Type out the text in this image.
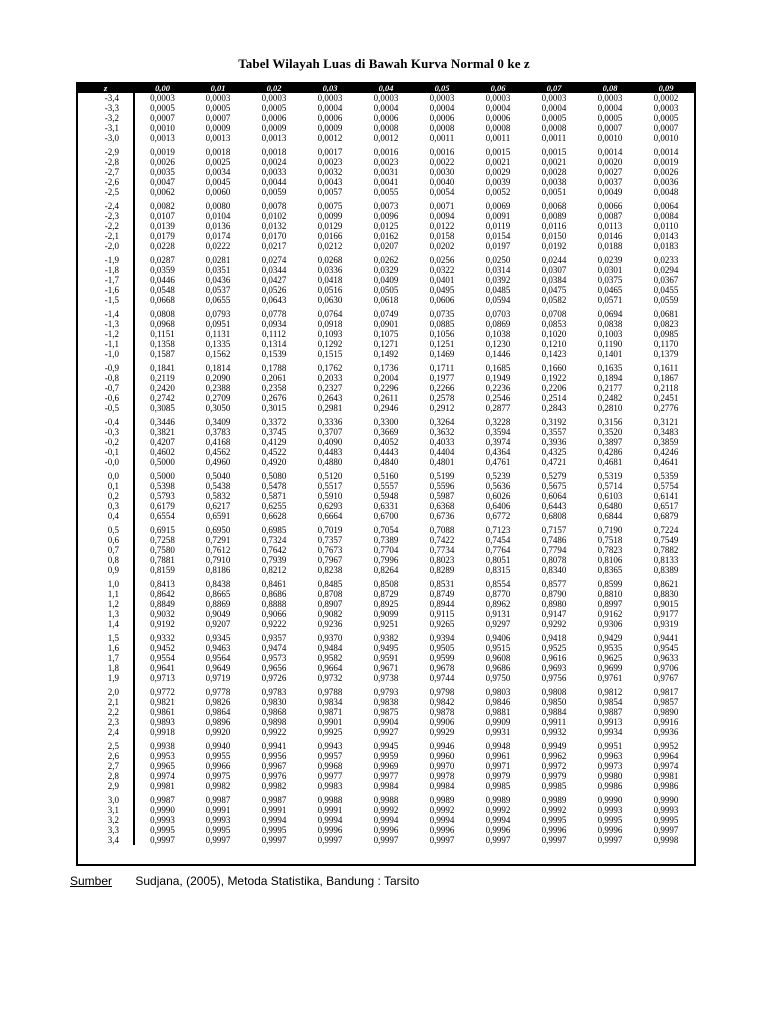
Tabel Wilayah Luas di Bawah Kurva Normal 0 ke z
z	0,00	0,01	0,02	0,03	0,04	0,05	0,06	0,07	0,08	0,09
-3,4	0,0003	0,0003	0,0003	0,0003	0,0003	0,0003	0,0003	0,0003	0,0003	0,0002
-3,3	0,0005	0,0005	0,0005	0,0004	0,0004	0,0004	0,0004	0,0004	0,0004	0,0003
-3,2	0,0007	0,0007	0,0006	0,0006	0,0006	0,0006	0,0006	0,0005	0,0005	0,0005
-3,1	0,0010	0,0009	0,0009	0,0009	0,0008	0,0008	0,0008	0,0008	0,0007	0,0007
-3,0	0,0013	0,0013	0,0013	0,0012	0,0012	0,0011	0,0011	0,0011	0,0010	0,0010

-2,9	0,0019	0,0018	0,0018	0,0017	0,0016	0,0016	0,0015	0,0015	0,0014	0,0014
-2,8	0,0026	0,0025	0,0024	0,0023	0,0023	0,0022	0,0021	0,0021	0,0020	0,0019
-2,7	0,0035	0,0034	0,0033	0,0032	0,0031	0,0030	0,0029	0,0028	0,0027	0,0026
-2,6	0,0047	0,0045	0,0044	0,0043	0,0041	0,0040	0,0039	0,0038	0,0037	0,0036
-2,5	0,0062	0,0060	0,0059	0,0057	0,0055	0,0054	0,0052	0,0051	0,0049	0,0048

-2,4	0,0082	0,0080	0,0078	0,0075	0,0073	0,0071	0,0069	0,0068	0,0066	0,0064
-2,3	0,0107	0,0104	0,0102	0,0099	0,0096	0,0094	0,0091	0,0089	0,0087	0,0084
-2,2	0,0139	0,0136	0,0132	0,0129	0,0125	0,0122	0,0119	0,0116	0,0113	0,0110
-2,1	0,0179	0,0174	0,0170	0,0166	0,0162	0,0158	0,0154	0,0150	0,0146	0,0143
-2,0	0,0228	0,0222	0,0217	0,0212	0,0207	0,0202	0,0197	0,0192	0,0188	0,0183

-1,9	0,0287	0,0281	0,0274	0,0268	0,0262	0,0256	0,0250	0,0244	0,0239	0,0233
-1,8	0,0359	0,0351	0,0344	0,0336	0,0329	0,0322	0,0314	0,0307	0,0301	0,0294
-1,7	0,0446	0,0436	0,0427	0,0418	0,0409	0,0401	0,0392	0,0384	0,0375	0,0367
-1,6	0,0548	0,0537	0,0526	0,0516	0,0505	0,0495	0,0485	0,0475	0,0465	0,0455
-1,5	0,0668	0,0655	0,0643	0,0630	0,0618	0,0606	0,0594	0,0582	0,0571	0,0559

-1,4	0,0808	0,0793	0,0778	0,0764	0,0749	0,0735	0,0703	0,0708	0,0694	0,0681
-1,3	0,0968	0,0951	0,0934	0,0918	0,0901	0,0885	0,0869	0,0853	0,0838	0,0823
-1,2	0,1151	0,1131	0,1112	0,1093	0,1075	0,1056	0,1038	0,1020	0,1003	0,0985
-1,1	0,1358	0,1335	0,1314	0,1292	0,1271	0,1251	0,1230	0,1210	0,1190	0,1170
-1,0	0,1587	0,1562	0,1539	0,1515	0,1492	0,1469	0,1446	0,1423	0,1401	0,1379

-0,9	0,1841	0,1814	0,1788	0,1762	0,1736	0,1711	0,1685	0,1660	0,1635	0,1611
-0,8	0,2119	0,2090	0,2061	0,2033	0,2004	0,1977	0,1949	0,1922	0,1894	0,1867
-0,7	0,2420	0,2388	0,2358	0,2327	0,2296	0,2266	0,2236	0,2206	0,2177	0,2118
-0,6	0,2742	0,2709	0,2676	0,2643	0,2611	0,2578	0,2546	0,2514	0,2482	0,2451
-0,5	0,3085	0,3050	0,3015	0,2981	0,2946	0,2912	0,2877	0,2843	0,2810	0,2776

-0,4	0,3446	0,3409	0,3372	0,3336	0,3300	0,3264	0,3228	0,3192	0,3156	0,3121
-0,3	0,3821	0,3783	0,3745	0,3707	0,3669	0,3632	0,3594	0,3557	0,3520	0,3483
-0,2	0,4207	0,4168	0,4129	0,4090	0,4052	0,4033	0,3974	0,3936	0,3897	0,3859
-0,1	0,4602	0,4562	0,4522	0,4483	0,4443	0,4404	0,4364	0,4325	0,4286	0,4246
-0,0	0,5000	0,4960	0,4920	0,4880	0,4840	0,4801	0,4761	0,4721	0,4681	0,4641

0,0	0,5000	0,5040	0,5080	0,5120	0,5160	0,5199	0,5239	0,5279	0,5319	0,5359
0,1	0,5398	0,5438	0,5478	0,5517	0,5557	0,5596	0,5636	0,5675	0,5714	0,5754
0,2	0,5793	0,5832	0,5871	0,5910	0,5948	0,5987	0,6026	0,6064	0,6103	0,6141
0,3	0,6179	0,6217	0,6255	0,6293	0,6331	0,6368	0,6406	0,6443	0,6480	0,6517
0,4	0,6554	0,6591	0,6628	0,6664	0,6700	0,6736	0,6772	0,6808	0,6844	0,6879

0,5	0,6915	0,6950	0,6985	0,7019	0,7054	0,7088	0,7123	0,7157	0,7190	0,7224
0,6	0,7258	0,7291	0,7324	0,7357	0,7389	0,7422	0,7454	0,7486	0,7518	0,7549
0,7	0,7580	0,7612	0,7642	0,7673	0,7704	0,7734	0,7764	0,7794	0,7823	0,7882
0,8	0,7881	0,7910	0,7939	0,7967	0,7996	0,8023	0,8051	0,8078	0,8106	0,8133
0,9	0,8159	0,8186	0,8212	0,8238	0,8264	0,8289	0,8315	0,8340	0,8365	0,8389

1,0	0,8413	0,8438	0,8461	0,8485	0,8508	0,8531	0,8554	0,8577	0,8599	0,8621
1,1	0,8642	0,8665	0,8686	0,8708	0,8729	0,8749	0,8770	0,8790	0,8810	0,8830
1,2	0,8849	0,8869	0,8888	0,8907	0,8925	0,8944	0,8962	0,8980	0,8997	0,9015
1,3	0,9032	0,9049	0,9066	0,9082	0,9099	0,9115	0,9131	0,9147	0,9162	0,9177
1,4	0,9192	0,9207	0,9222	0,9236	0,9251	0,9265	0,9297	0,9292	0,9306	0,9319

1,5	0,9332	0,9345	0,9357	0,9370	0,9382	0,9394	0,9406	0,9418	0,9429	0,9441
1,6	0,9452	0,9463	0,9474	0,9484	0,9495	0,9505	0,9515	0,9525	0,9535	0,9545
1,7	0,9554	0,9564	0,9573	0,9582	0,9591	0,9599	0,9608	0,9616	0,9625	0,9633
1,8	0,9641	0,9649	0,9656	0,9664	0,9671	0,9678	0,9686	0,9693	0,9699	0,9706
1,9	0,9713	0,9719	0,9726	0,9732	0,9738	0,9744	0,9750	0,9756	0,9761	0,9767

2,0	0,9772	0,9778	0,9783	0,9788	0,9793	0,9798	0,9803	0,9808	0,9812	0,9817
2,1	0,9821	0,9826	0,9830	0,9834	0,9838	0,9842	0,9846	0,9850	0,9854	0,9857
2,2	0,9861	0,9864	0,9868	0,9871	0,9875	0,9878	0,9881	0,9884	0,9887	0,9890
2,3	0,9893	0,9896	0,9898	0,9901	0,9904	0,9906	0,9909	0,9911	0,9913	0,9916
2,4	0,9918	0,9920	0,9922	0,9925	0,9927	0,9929	0,9931	0,9932	0,9934	0,9936

2,5	0,9938	0,9940	0,9941	0,9943	0,9945	0,9946	0,9948	0,9949	0,9951	0,9952
2,6	0,9953	0,9955	0,9956	0,9957	0,9959	0,9960	0,9961	0,9962	0,9963	0,9964
2,7	0,9965	0,9966	0,9967	0,9968	0,9969	0,9970	0,9971	0,9972	0,9973	0,9974
2,8	0,9974	0,9975	0,9976	0,9977	0,9977	0,9978	0,9979	0,9979	0,9980	0,9981
2,9	0,9981	0,9982	0,9982	0,9983	0,9984	0,9984	0,9985	0,9985	0,9986	0,9986

3,0	0,9987	0,9987	0,9987	0,9988	0,9988	0,9989	0,9989	0,9989	0,9990	0,9990
3,1	0,9990	0,9991	0,9991	0,9991	0,9992	0,9992	0,9992	0,9992	0,9993	0,9993
3,2	0,9993	0,9993	0,9994	0,9994	0,9994	0,9994	0,9994	0,9995	0,9995	0,9995
3,3	0,9995	0,9995	0,9995	0,9996	0,9996	0,9996	0,9996	0,9996	0,9996	0,9997
3,4	0,9997	0,9997	0,9997	0,9997	0,9997	0,9997	0,9997	0,9997	0,9997	0,9998
Sumber Sudjana, (2005), Metoda Statistika, Bandung : Tarsito
